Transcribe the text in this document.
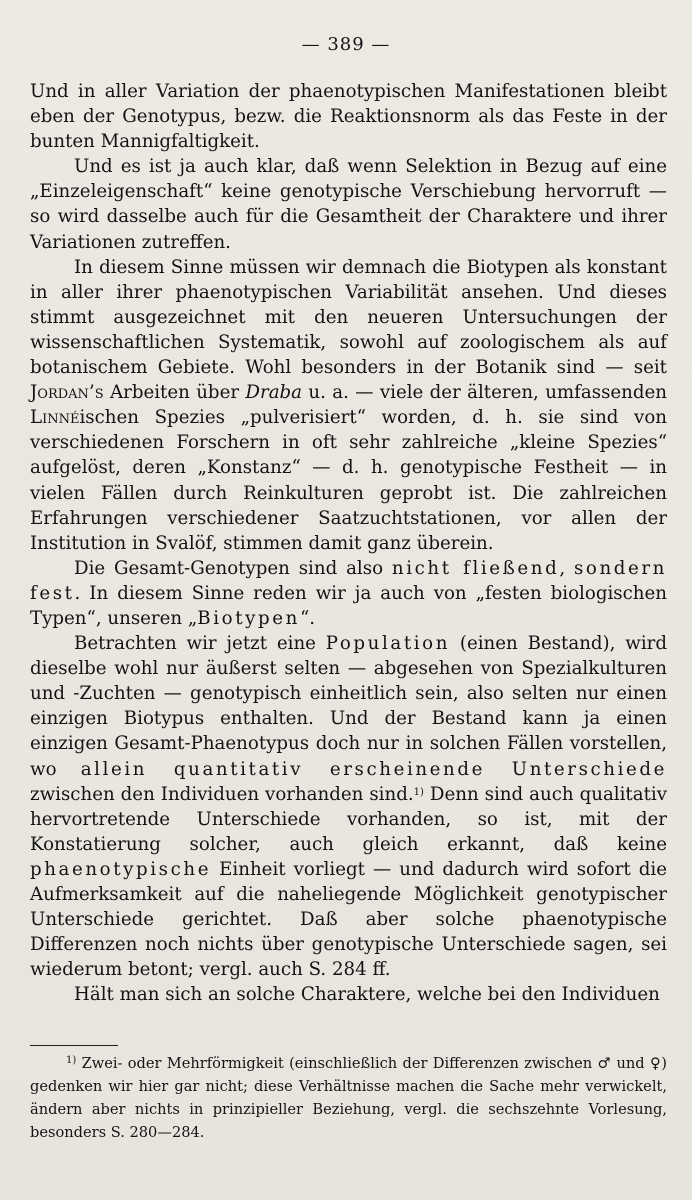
— 389 —

Und in aller Variation der phaenotypischen Manifestationen bleibt eben der Genotypus, bezw. die Reaktionsnorm als das Feste in der bunten Mannigfaltigkeit.

Und es ist ja auch klar, daß wenn Selektion in Bezug auf eine „Einzeleigenschaft“ keine genotypische Verschiebung hervorruft — so wird dasselbe auch für die Gesamtheit der Charaktere und ihrer Variationen zutreffen.

In diesem Sinne müssen wir demnach die Biotypen als konstant in aller ihrer phaenotypischen Variabilität ansehen. Und dieses stimmt ausgezeichnet mit den neueren Untersuchungen der wissenschaftlichen Systematik, sowohl auf zoologischem als auf botanischem Gebiete. Wohl besonders in der Botanik sind — seit Jordan’s Arbeiten über Draba u. a. — viele der älteren, umfassenden Linnéischen Spezies „pulverisiert“ worden, d. h. sie sind von verschiedenen Forschern in oft sehr zahlreiche „kleine Spezies“ aufgelöst, deren „Konstanz“ — d. h. genotypische Festheit — in vielen Fällen durch Reinkulturen geprobt ist. Die zahlreichen Erfahrungen verschiedener Saatzuchtstationen, vor allen der Institution in Svalöf, stimmen damit ganz überein.

Die Gesamt-Genotypen sind also nicht fließend, sondern fest. In diesem Sinne reden wir ja auch von „festen biologischen Typen“, unseren „Biotypen“.

Betrachten wir jetzt eine Population (einen Bestand), wird dieselbe wohl nur äußerst selten — abgesehen von Spezialkulturen und -Zuchten — genotypisch einheitlich sein, also selten nur einen einzigen Biotypus enthalten. Und der Bestand kann ja einen einzigen Gesamt-Phaenotypus doch nur in solchen Fällen vorstellen, wo allein quantitativ erscheinende Unterschiede zwischen den Individuen vorhanden sind.$^{1)}$ Denn sind auch qualitativ hervortretende Unterschiede vorhanden, so ist, mit der Konstatierung solcher, auch gleich erkannt, daß keine phaenotypische Einheit vorliegt — und dadurch wird sofort die Aufmerksamkeit auf die naheliegende Möglichkeit genotypischer Unterschiede gerichtet. Daß aber solche phaenotypische Differenzen noch nichts über genotypische Unterschiede sagen, sei wiederum betont; vergl. auch S. 284 ff.

Hält man sich an solche Charaktere, welche bei den Individuen

$^{1)}$ Zwei- oder Mehrförmigkeit (einschließlich der Differenzen zwischen ♂ und ♀) gedenken wir hier gar nicht; diese Verhältnisse machen die Sache mehr verwickelt, ändern aber nichts in prinzipieller Beziehung, vergl. die sechszehnte Vorlesung, besonders S. 280—284.
